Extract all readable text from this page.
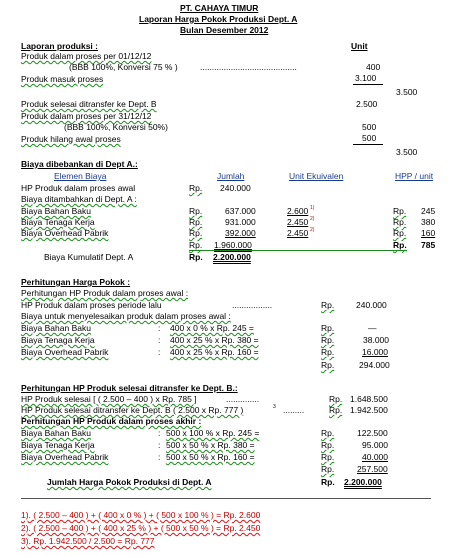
PT. CAHAYA TIMUR
Laporan Harga Pokok Produksi Dept. A
Bulan Desember 2012
Laporan produksi :	Unit
Produk dalam proses per 01/12/12
(BBB 100%, Konversi 75 % )	.........................................	400
Produk masuk proses	3.100
3.500
Produk selesai ditransfer ke Dept. B	2.500
Produk dalam proses per 31/12/12
(BBB 100%, Konversi 50%)	500
Produk hilang awal proses	500
3.500
Biaya dibebankan di Dept A.:
Elemen Biaya	Jumlah	Unit Ekuivalen	HPP / unit
HP Produk dalam proses awal	Rp. 240.000
Biaya ditambahkan di Dept. A :
Biaya Bahan Baku	Rp.	637.000	2.600 1)	Rp. 245
Biaya Tenaga Kerja	Rp.	931.000	2.450 2)	Rp. 380
Biaya Overhead Pabrik	Rp.	392.000	2.450 2)	Rp. 160
Rp. 1.960.000	Rp. 785
Biaya Kumulatif Dept. A	Rp. 2.200.000
Perhitungan Harga Pokok :
Perhitungan HP Produk dalam proses awal :
HP Produk dalam proses periode lalu	.................	Rp.	240.000
Biaya untuk menyelesaikan produk dalam proses awal :
Biaya Bahan Baku	: 400 x 0 % x Rp. 245 =	Rp.	—
Biaya Tenaga Kerja	: 400 x 25 % x Rp. 380 =	Rp.	38.000
Biaya Overhead Pabrik	: 400 x 25 % x Rp. 160 =	Rp.	16.000
Rp.	294.000
Perhitungan HP Produk selesai ditransfer ke Dept. B.:
HP Produk selesai [ ( 2.500 – 400 ) x Rp. 785 ]	..............	Rp. 1.648.500
HP Produk selesai ditransfer ke Dept. B ( 2.500 x Rp. 777 )	3 .........	Rp. 1.942.500
Perhitungan HP Produk dalam proses akhir :
Biaya Bahan Baku	: 500 x 100 % x Rp. 245 =	Rp.	122.500
Biaya Tenaga Kerja	: 500 x 50 % x Rp. 380 =	Rp.	95.000
Biaya Overhead Pabrik	: 500 x 50 % x Rp. 160 =	Rp.	40.000
Rp.	257.500
Jumlah Harga Pokok Produksi di Dept. A	Rp. 2.200.000
1). ( 2.500 – 400 ) + ( 400 x 0 % ) + ( 500 x 100 % ) = Rp. 2.600
2). ( 2.500 – 400 ) + ( 400 x 25 % ) + ( 500 x 50 % ) = Rp. 2.450
3). Rp. 1.942.500 / 2.500 = Rp. 777
